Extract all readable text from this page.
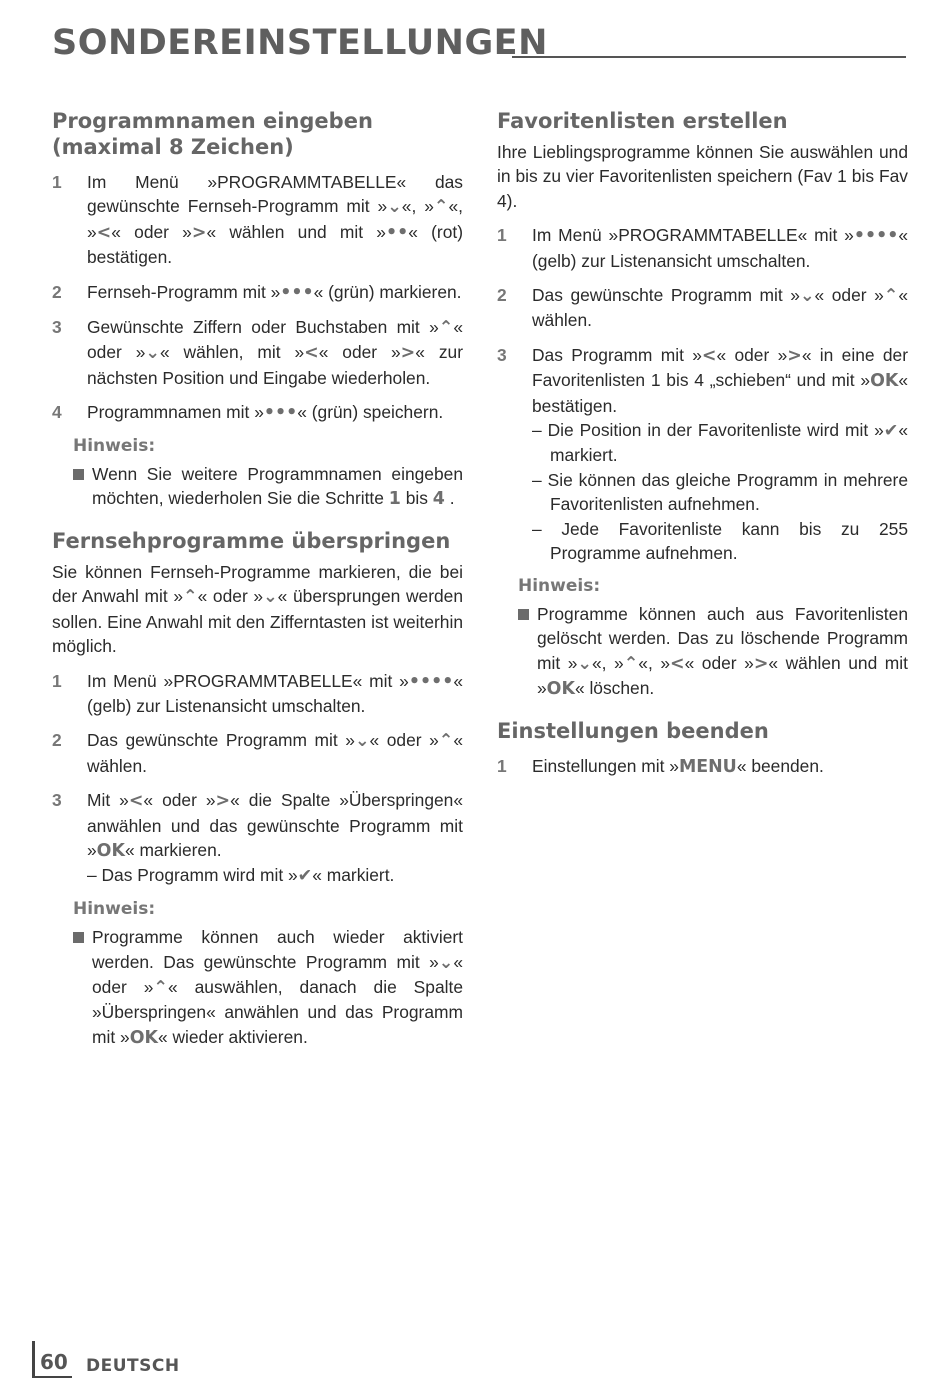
SONDEREINSTELLUNGEN
Programmnamen eingeben (maximal 8 Zeichen)
1	Im Menü »PROGRAMMTABELLE« das gewünschte Fernseh-Programm mit »⌄«, »⌃«, »<« oder »>« wählen und mit »••« (rot) bestätigen.
2	Fernseh-Programm mit »•••« (grün) markieren.
3	Gewünschte Ziffern oder Buchstaben mit »⌃« oder »⌄« wählen, mit »<« oder »>« zur nächsten Position und Eingabe wiederholen.
4	Programmnamen mit »•••« (grün) speichern.
Hinweis:
Wenn Sie weitere Programmnamen eingeben möchten, wiederholen Sie die Schritte 1 bis 4 .
Fernsehprogramme überspringen

Sie können Fernseh-Programme markieren, die bei der Anwahl mit »⌃« oder »⌄« übersprungen werden sollen. Eine Anwahl mit den Zifferntasten ist weiterhin möglich.

1	Im Menü »PROGRAMMTABELLE« mit »••••« (gelb) zur Listenansicht umschalten.
2	Das gewünschte Programm mit »⌄« oder »⌃« wählen.
3	Mit »<« oder »>« die Spalte »Überspringen« anwählen und das gewünschte Programm mit »OK« markieren.
– Das Programm wird mit »✔« markiert.
Hinweis:
Programme können auch wieder aktiviert werden. Das gewünschte Programm mit »⌄« oder »⌃« auswählen, danach die Spalte »Überspringen« anwählen und das Programm mit »OK« wieder aktivieren.
Favoritenlisten erstellen

Ihre Lieblingsprogramme können Sie auswählen und in bis zu vier Favoritenlisten speichern (Fav 1 bis Fav 4).

1	Im Menü »PROGRAMMTABELLE« mit »••••« (gelb) zur Listenansicht umschalten.
2	Das gewünschte Programm mit »⌄« oder »⌃« wählen.
3	Das Programm mit »<« oder »>« in eine der Favoritenlisten 1 bis 4 „schieben“ und mit »OK« bestätigen.
– Die Position in der Favoritenliste wird mit »✔« markiert.
– Sie können das gleiche Programm in mehrere Favoritenlisten aufnehmen.
– Jede Favoritenliste kann bis zu 255 Programme aufnehmen.
Hinweis:
Programme können auch aus Favoritenlisten gelöscht werden. Das zu löschende Programm mit »⌄«, »⌃«, »<« oder »>« wählen und mit »OK« löschen.
Einstellungen beenden
1	Einstellungen mit »MENU« beenden.
60 DEUTSCH
